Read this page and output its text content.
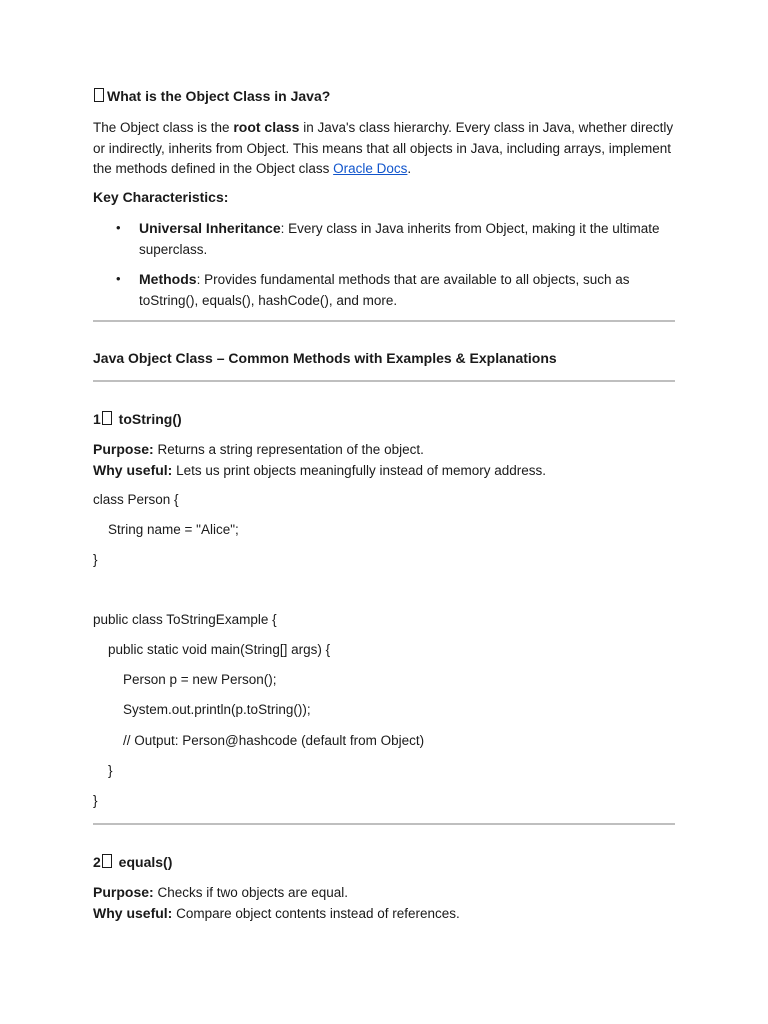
What is the Object Class in Java?
The Object class is the root class in Java's class hierarchy. Every class in Java, whether directly or indirectly, inherits from Object. This means that all objects in Java, including arrays, implement the methods defined in the Object class Oracle Docs.
Key Characteristics:
• Universal Inheritance: Every class in Java inherits from Object, making it the ultimate superclass.
• Methods: Provides fundamental methods that are available to all objects, such as toString(), equals(), hashCode(), and more.
Java Object Class – Common Methods with Examples & Explanations
1 toString()
Purpose: Returns a string representation of the object.
Why useful: Lets us print objects meaningfully instead of memory address.
class Person {
String name = "Alice";
}
public class ToStringExample {
public static void main(String[] args) {
Person p = new Person();
System.out.println(p.toString());
// Output: Person@hashcode (default from Object)
}
}
2 equals()
Purpose: Checks if two objects are equal.
Why useful: Compare object contents instead of references.
